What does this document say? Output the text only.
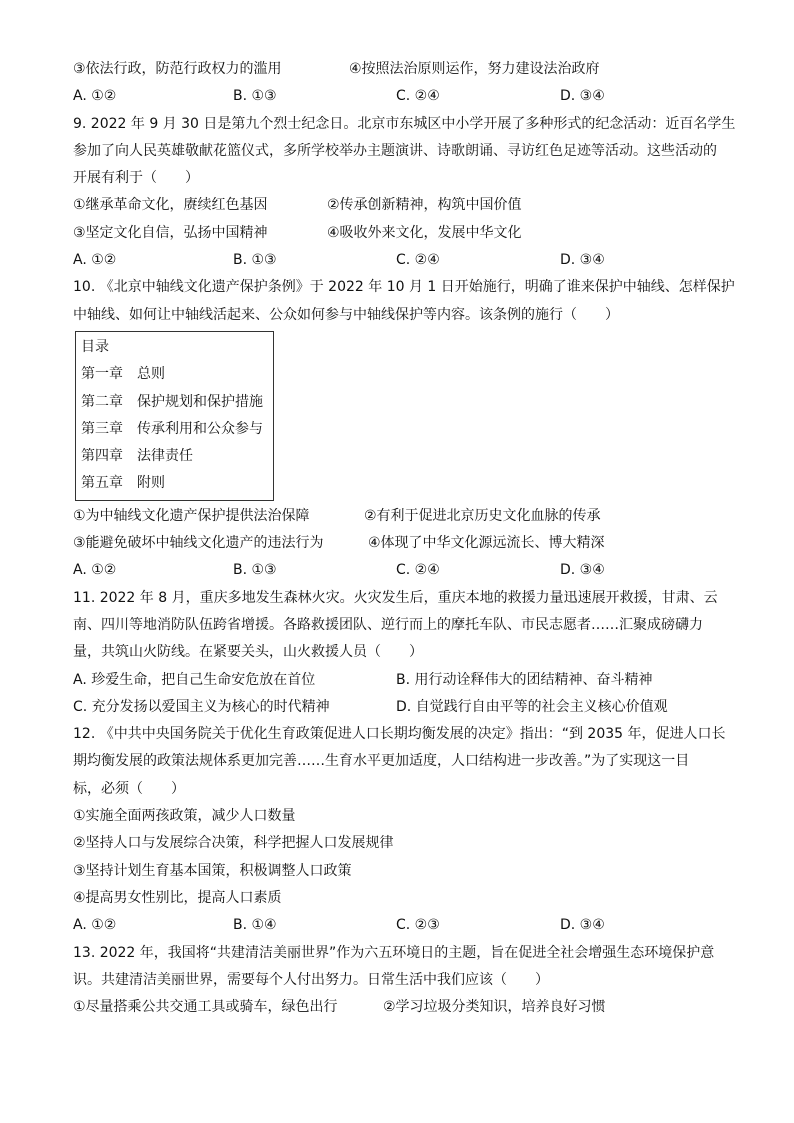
③依法行政，防范行政权力的滥用	④按照法治原则运作，努力建设法治政府
A. ①②	B. ①③	C. ②④	D. ③④
9. 2022 年 9 月 30 日是第九个烈士纪念日。北京市东城区中小学开展了多种形式的纪念活动：近百名学生
参加了向人民英雄敬献花篮仪式，多所学校举办主题演讲、诗歌朗诵、寻访红色足迹等活动。这些活动的
开展有利于（　　）
①继承革命文化，赓续红色基因	②传承创新精神，构筑中国价值
③坚定文化自信，弘扬中国精神	④吸收外来文化，发展中华文化
A. ①②	B. ①③	C. ②④	D. ③④
10. 《北京中轴线文化遗产保护条例》于 2022 年 10 月 1 日开始施行，明确了谁来保护中轴线、怎样保护
中轴线、如何让中轴线活起来、公众如何参与中轴线保护等内容。该条例的施行（　　）
目录
第一章　总则
第二章　保护规划和保护措施
第三章　传承利用和公众参与
第四章　法律责任
第五章　附则
①为中轴线文化遗产保护提供法治保障	②有利于促进北京历史文化血脉的传承
③能避免破坏中轴线文化遗产的违法行为	④体现了中华文化源远流长、博大精深
A. ①②	B. ①③	C. ②④	D. ③④
11. 2022 年 8 月，重庆多地发生森林火灾。火灾发生后，重庆本地的救援力量迅速展开救援，甘肃、云
南、四川等地消防队伍跨省增援。各路救援团队、逆行而上的摩托车队、市民志愿者……汇聚成磅礴力
量，共筑山火防线。在紧要关头，山火救援人员（　　）
A. 珍爱生命，把自己生命安危放在首位	B. 用行动诠释伟大的团结精神、奋斗精神
C. 充分发扬以爱国主义为核心的时代精神	D. 自觉践行自由平等的社会主义核心价值观
12. 《中共中央国务院关于优化生育政策促进人口长期均衡发展的决定》指出：“到 2035 年，促进人口长
期均衡发展的政策法规体系更加完善……生育水平更加适度，人口结构进一步改善。”为了实现这一目
标，必须（　　）
①实施全面两孩政策，减少人口数量
②坚持人口与发展综合决策，科学把握人口发展规律
③坚持计划生育基本国策，积极调整人口政策
④提高男女性别比，提高人口素质
A. ①②	B. ①④	C. ②③	D. ③④
13. 2022 年，我国将“共建清洁美丽世界”作为六五环境日的主题，旨在促进全社会增强生态环境保护意
识。共建清洁美丽世界，需要每个人付出努力。日常生活中我们应该（　　）
①尽量搭乘公共交通工具或骑车，绿色出行	②学习垃圾分类知识，培养良好习惯
